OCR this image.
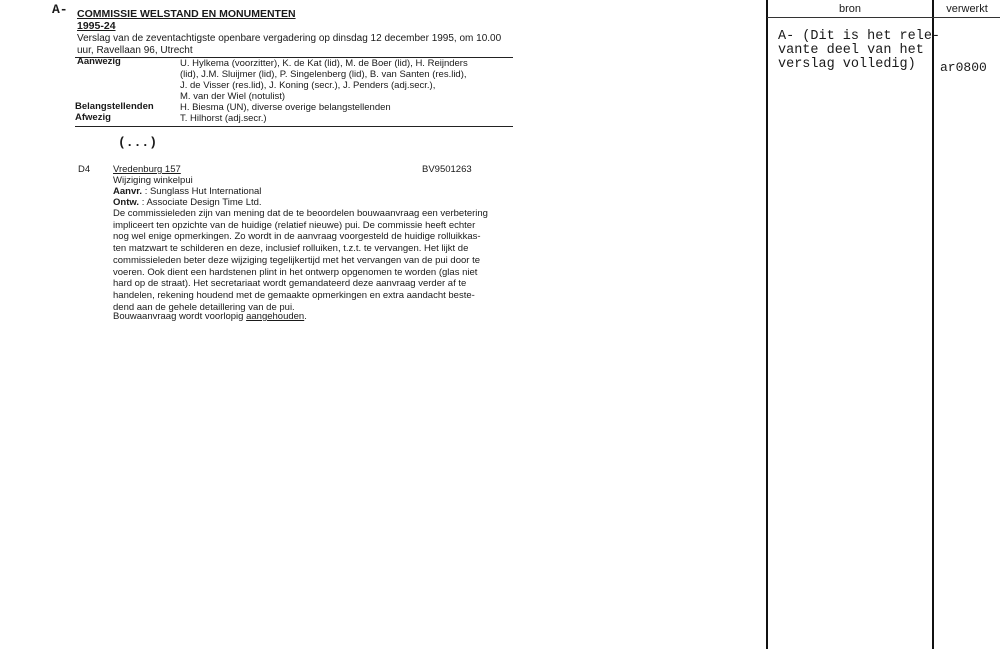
A- COMMISSIE WELSTAND EN MONUMENTEN
1995-24
Verslag van de zeventachtigste openbare vergadering op dinsdag 12 december 1995, om 10.00
uur, Ravellaan 96, Utrecht
Aanwezig	U. Hylkema (voorzitter), K. de Kat (lid), M. de Boer (lid), H. Reijnders
(lid), J.M. Sluijmer (lid), P. Singelenberg (lid), B. van Santen (res.lid),
J. de Visser (res.lid), J. Koning (secr.), J. Penders (adj.secr.),
M. van der Wiel (notulist)
Belangstellenden	H. Biesma (UN), diverse overige belangstellenden
Afwezig	T. Hilhorst (adj.secr.)
(...)
D4 Vredenburg 157	BV9501263
Wijziging winkelpui
Aanvr. : Sunglass Hut International
Ontw. : Associate Design Time Ltd.
De commissieleden zijn van mening dat de te beoordelen bouwaanvraag een verbetering
impliceert ten opzichte van de huidige (relatief nieuwe) pui. De commissie heeft echter
nog wel enige opmerkingen. Zo wordt in de aanvraag voorgesteld de huidige rolluikkas-
ten matzwart te schilderen en deze, inclusief rolluiken, t.z.t. te vervangen. Het lijkt de
commissieleden beter deze wijziging tegelijkertijd met het vervangen van de pui door te
voeren. Ook dient een hardstenen plint in het ontwerp opgenomen te worden (glas niet
hard op de straat). Het secretariaat wordt gemandateerd deze aanvraag verder af te
handelen, rekening houdend met de gemaakte opmerkingen en extra aandacht beste-
dend aan de gehele detaillering van de pui.
Bouwaanvraag wordt voorlopig aangehouden.
bron	verwerkt
A- (Dit is het rele-
vante deel van het
verslag volledig)	ar0800
